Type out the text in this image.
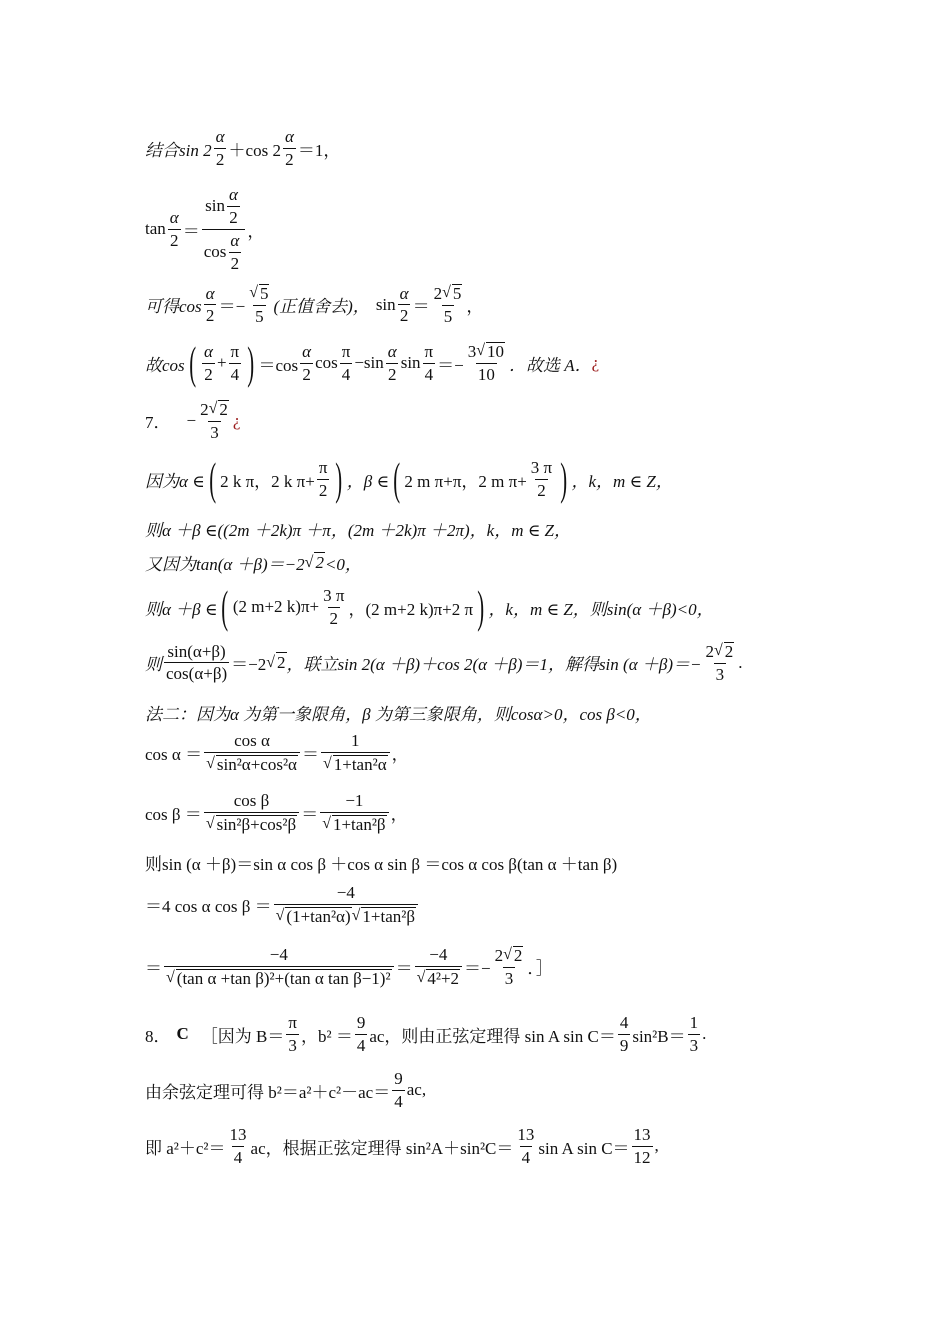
结合$\sin 2 \frac{\alpha}{2} +\cos$ $2 \frac{\alpha}{2} =1$，
$\tan \frac{\alpha}{2} = \frac{\sin \frac{\alpha}{2}}{\cos \frac{\alpha}{2}}$ ，
可得$\cos \frac{\alpha}{2} =- \frac{√ 5}{5}$ (正值舍去)， $\sin \frac{\alpha}{2} = \frac{2 √ 5}{5}$ ，
故cos ( $\frac{\alpha}{2} + \frac{\pi}{4}$ ) $=\cos \frac{\alpha}{2}$ $\cos \frac{\pi}{4} -\sin \frac{\alpha}{2}$ $\sin \frac{\pi}{4} =- \frac{3 √ 10}{10}$ ．故选 A． ¿
7． − $\frac{2 √ 2}{3}$ ¿
因为α ∈ ( 2 k π，2 k $\pi+ \frac{\pi}{2}$ ) ，β ∈ ( 2 m π+π，2 m $\pi+ \frac{3 \pi}{2}$ ) ，k，m ∈ Z，
则α ＋β ∈((2m ＋2k)π ＋π，(2m ＋2k)π ＋2π)，k，m ∈ Z，
又因为tan(α ＋β)＝−2 √ 2 <0，
则α ＋β ∈ ( (2 m+2 $k)\pi+ \frac{3 \pi}{2}$ ，(2 m+2 k)π+2 π ) ，k，m ∈ Z，则sin(α ＋β)<0，
则 $\frac{\sin(\alpha+\beta)}{\cos(\alpha+\beta)} =-2$ √ 2 ，联立sin 2(α ＋β)＋cos 2(α ＋β)＝1，解得$\sin (\alpha +\beta)=- \frac{2 √ 2}{3}$ .
法二：因为α 为第一象限角，β 为第三象限角，则cosα>0，cos β<0，
$\cos \alpha = \frac{\text{cos α}}{\text{√ sin²α+cos²α}} = \frac{1}{\text{√ 1+tan²α}}$ ，
$\cos \beta = \frac{\text{cos β}}{\text{√ sin²β+cos²β}} = \frac{-1}{\text{√ 1+tan²β}}$ ，
则sin (α ＋β)＝sin α cos β ＋cos α sin β ＝cos α cos β(tan α ＋tan β)
＝4 cos α $\cos \beta = \frac{-4}{\text{√ (1+tan²α) √ 1+tan²β}}$
＝ $\frac{-4}{\text{√ (tan α +tan β)²+(tan α tan β−1)²}} = \frac{-4}{\text{√ 4²+2}} =- \frac{2 √ 2}{3}$ ．］
8． C ［因为 $B= \frac{\pi}{3}$ ，$b^2 = \frac{9}{4}$ ac，则由正弦定理得 sin A $\sin C= \frac{4}{9} \sin^2B= \frac{1}{3}$ .
由余弦定理可得 $b^2=a^2+c^2-ac= \frac{9}{4}$ ac,
即 $a^2+c^2= \frac{13}{4}$ ac，根据正弦定理得 $\sin^2A+\sin^2C= \frac{13}{4}$ sin A $\sin C= \frac{13}{12}$ ,
